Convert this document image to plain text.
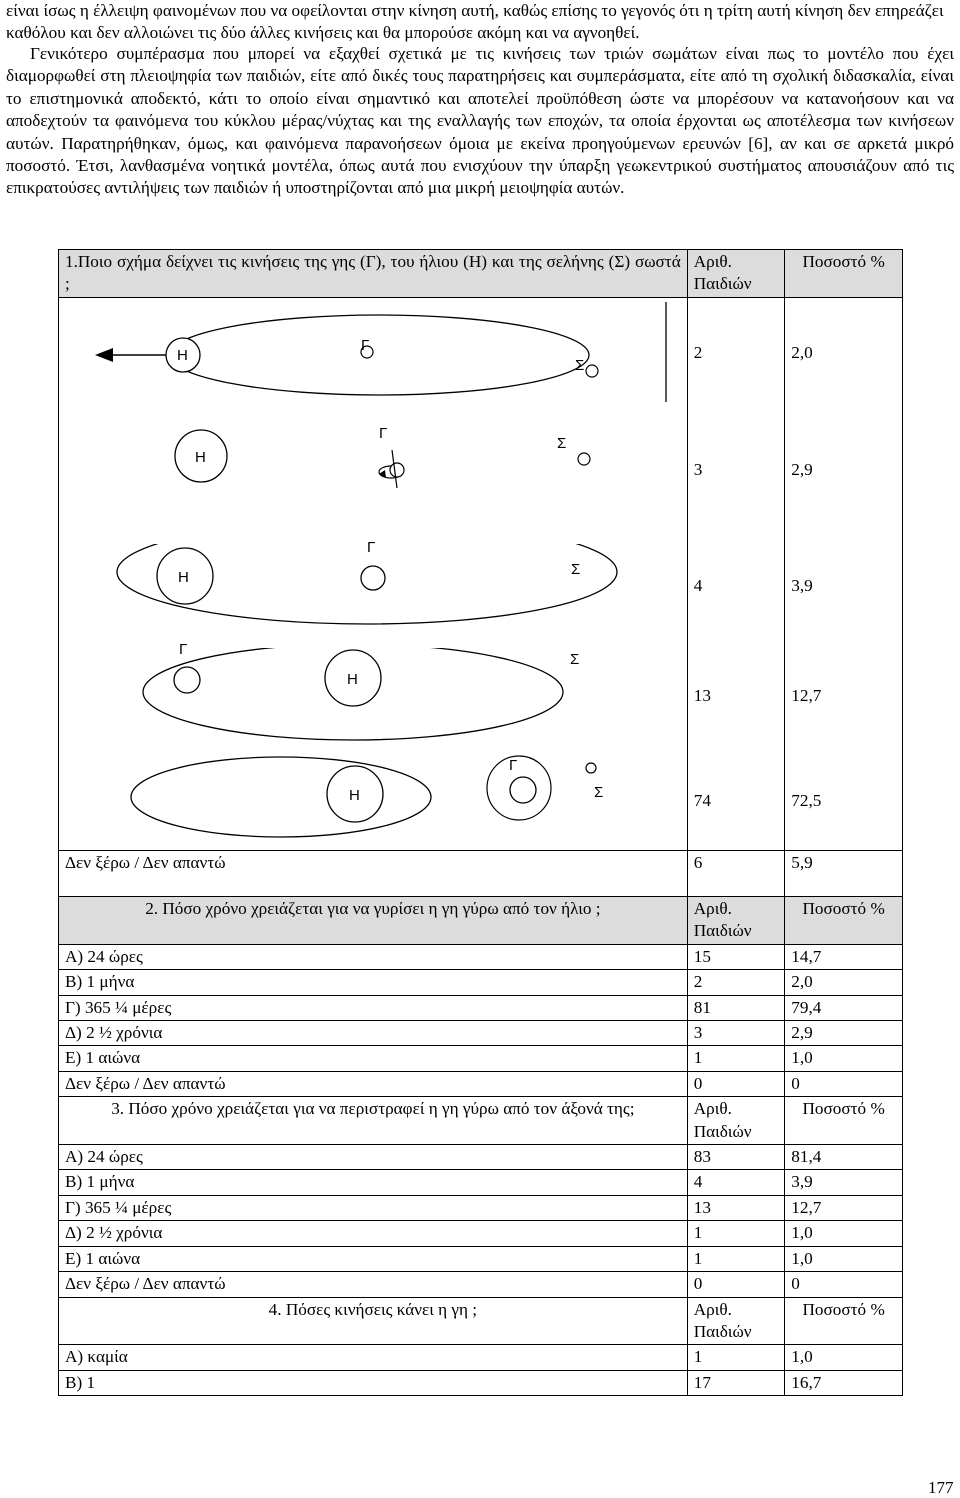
είναι ίσως η έλλειψη φαινομένων που να οφείλονται στην κίνηση αυτή, καθώς επίσης το γεγονός ότι η τρίτη αυτή κίνηση δεν επηρεάζει καθόλου και δεν αλλοιώνει τις δύο άλλες κινήσεις και θα μπορούσε ακόμη και να αγνοηθεί.

Γενικότερο συμπέρασμα που μπορεί να εξαχθεί σχετικά με τις κινήσεις των τριών σωμάτων είναι πως το μοντέλο που έχει διαμορφωθεί στη πλειοψηφία των παιδιών, είτε από δικές τους παρατηρήσεις και συμπεράσματα, είτε από τη σχολική διδασκαλία, είναι το επιστημονικά αποδεκτό, κάτι το οποίο είναι σημαντικό και αποτελεί προϋπόθεση ώστε να μπορέσουν να κατανοήσουν και να αποδεχτούν τα φαινόμενα του κύκλου μέρας/νύχτας και της εναλλαγής των εποχών, τα οποία έρχονται ως αποτέλεσμα των κινήσεων αυτών. Παρατηρήθηκαν, όμως, και φαινόμενα παρανοήσεων όμοια με εκείνα προηγούμενων ερευνών [6], αν και σε αρκετά μικρό ποσοστό. Έτσι, λανθασμένα νοητικά μοντέλα, όπως αυτά που ενισχύουν την ύπαρξη γεωκεντρικού συστήματος απουσιάζουν από τις επικρατούσες αντιλήψεις των παιδιών ή υποστηρίζονται από μια μικρή μειοψηφία αυτών.

1.Ποιο σχήμα δείχνει τις κινήσεις της γης (Γ), του ήλιου (Η) και της σελήνης (Σ) σωστά ;	Αριθ. Παιδιών	Ποσοστό %

Η
Γ
Σ	2	2,0

Η
Γ
Σ	3	2,9

Η
Γ
Σ	4	3,9

Γ
Η
Σ	13	12,7

Η
Γ
Σ	74	72,5
Δεν ξέρω / Δεν απαντώ	6	5,9
2. Πόσο χρόνο χρειάζεται για να γυρίσει η γη γύρω από τον ήλιο ;	Αριθ. Παιδιών	Ποσοστό %
Α) 24 ώρες	15	14,7
Β) 1 μήνα	2	2,0
Γ) 365 ¼ μέρες	81	79,4
Δ) 2 ½ χρόνια	3	2,9
Ε) 1 αιώνα	1	1,0
Δεν ξέρω / Δεν απαντώ	0	0
3. Πόσο χρόνο χρειάζεται για να περιστραφεί η γη γύρω από τον άξονά της;	Αριθ. Παιδιών	Ποσοστό %
Α) 24 ώρες	83	81,4
Β) 1 μήνα	4	3,9
Γ) 365 ¼ μέρες	13	12,7
Δ) 2 ½ χρόνια	1	1,0
Ε) 1 αιώνα	1	1,0
Δεν ξέρω / Δεν απαντώ	0	0
4. Πόσες κινήσεις κάνει η γη ;	Αριθ. Παιδιών	Ποσοστό %
Α) καμία	1	1,0
Β) 1	17	16,7
177
